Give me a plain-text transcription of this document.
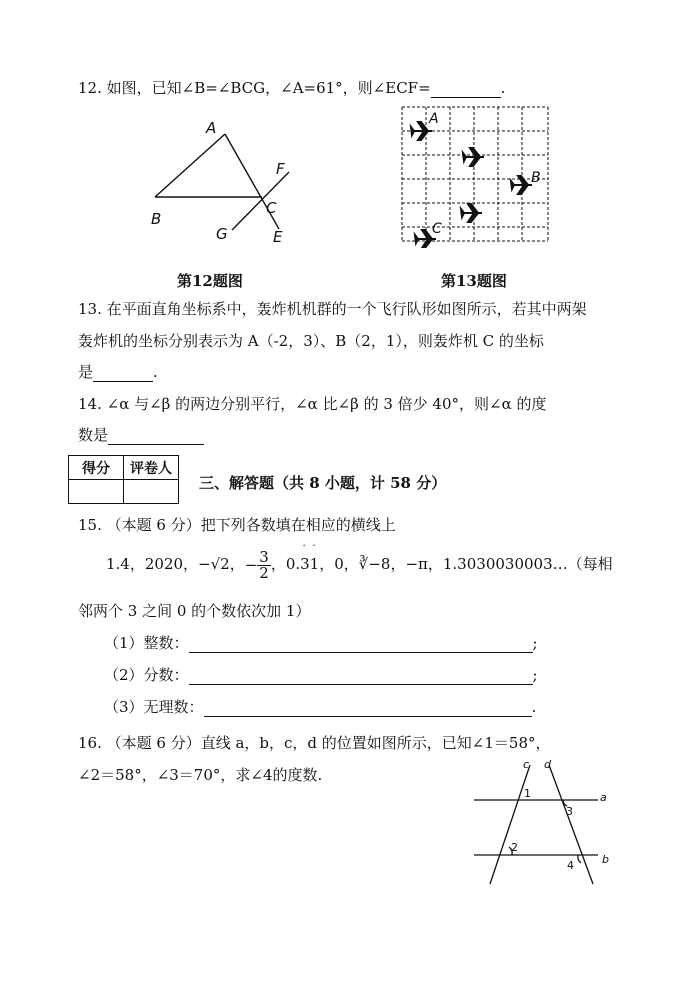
12. 如图，已知∠B=∠BCG，∠A=61°，则∠ECF=	.
A
B
C
E
F
G
A
B
C
第12题图	第13题图
13. 在平面直角坐标系中，轰炸机机群的一个飞行队形如图所示，若其中两架
轰炸机的坐标分别表示为 A（-2，3）、B（2，1），则轰炸机 C 的坐标
是	.
14. ∠α 与∠β 的两边分别平行，∠α 比∠β 的 3 倍少 40°，则∠α 的度
数是
得分	评卷人

三、解答题（共 8 小题，计 58 分）
15. （本题 6 分）把下列各数填在相应的横线上
1.4，2020，−√2，− $\frac{3}{2}$ ，0.
˙ ˙
31，0，∛−8，−π，1.3030030003…（每相
邻两个 3 之间 0 的个数依次加 1）
（1）整数：	;
（2）分数：	;
（3）无理数：	.
16. （本题 6 分）直线 a，b，c，d 的位置如图所示，已知∠1＝58°，
∠2＝58°，∠3＝70°，求∠4的度数.
c d
a
b
1
2
3
4
